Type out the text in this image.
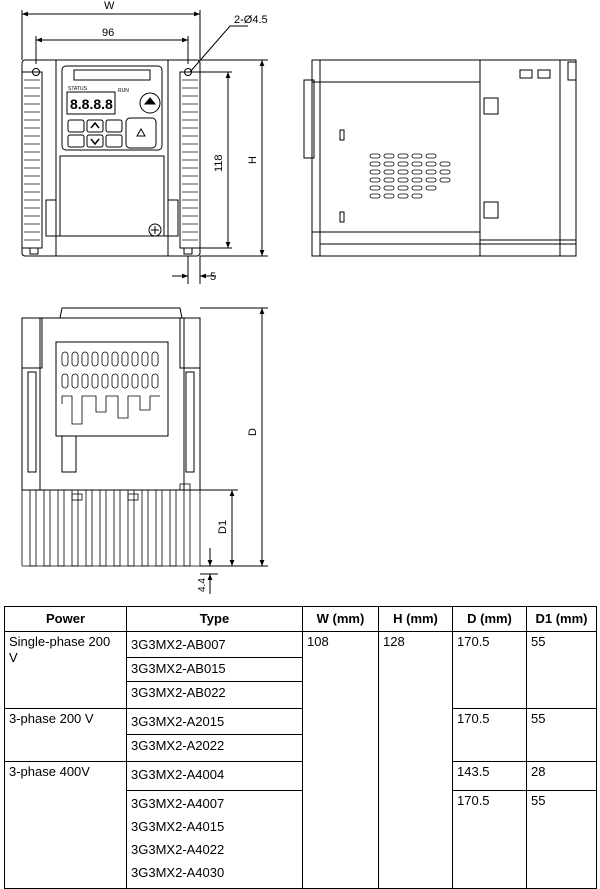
8.8.8.8
STATUS	RUN
W
96
2-Ø4.5
118 H
5
D
D1
4.4
Power	Type	W (mm)	H (mm)	D (mm)	D1 (mm)
Single-phase 200 V	3G3MX2-AB007
3G3MX2-AB015
3G3MX2-AB022	108	128	170.5	55
3-phase 200 V	3G3MX2-A2015
3G3MX2-A2022			170.5	55
3-phase 400V	3G3MX2-A4004			143.5	28

	3G3MX2-A4007
3G3MX2-A4015
3G3MX2-A4022
3G3MX2-A4030			170.5	55
